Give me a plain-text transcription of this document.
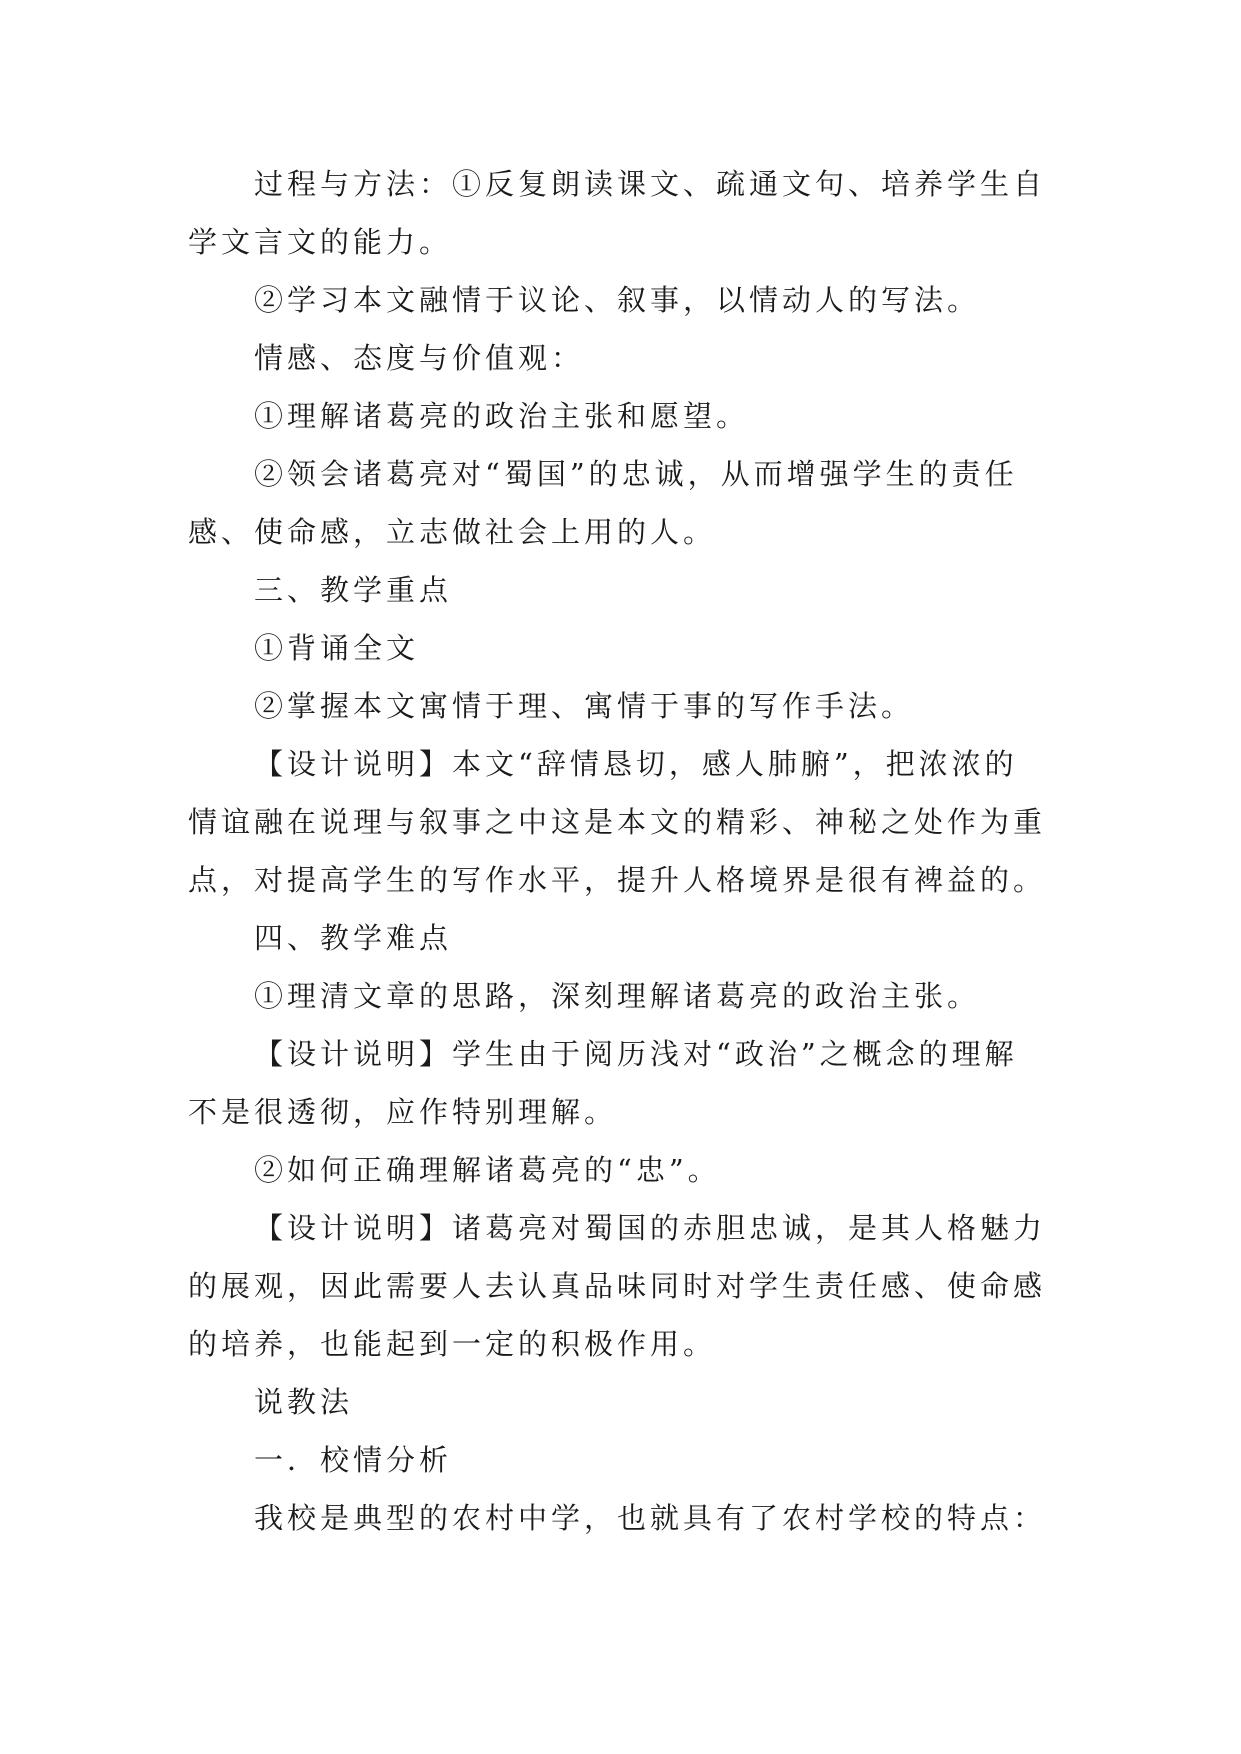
过程与方法：①反复朗读课文、疏通文句、培养学生自
学文言文的能力。
②学习本文融情于议论、叙事，以情动人的写法。
情感、态度与价值观：
①理解诸葛亮的政治主张和愿望。
②领会诸葛亮对“蜀国”的忠诚，从而增强学生的责任
感、使命感，立志做社会上用的人。
三、教学重点
①背诵全文
②掌握本文寓情于理、寓情于事的写作手法。
【设计说明】本文“辞情恳切，感人肺腑”，把浓浓的
情谊融在说理与叙事之中这是本文的精彩、神秘之处作为重
点，对提高学生的写作水平，提升人格境界是很有裨益的。
四、教学难点
①理清文章的思路，深刻理解诸葛亮的政治主张。
【设计说明】学生由于阅历浅对“政治”之概念的理解
不是很透彻，应作特别理解。
②如何正确理解诸葛亮的“忠”。
【设计说明】诸葛亮对蜀国的赤胆忠诚，是其人格魅力
的展观，因此需要人去认真品味同时对学生责任感、使命感
的培养，也能起到一定的积极作用。
说教法
一．校情分析
我校是典型的农村中学，也就具有了农村学校的特点：
